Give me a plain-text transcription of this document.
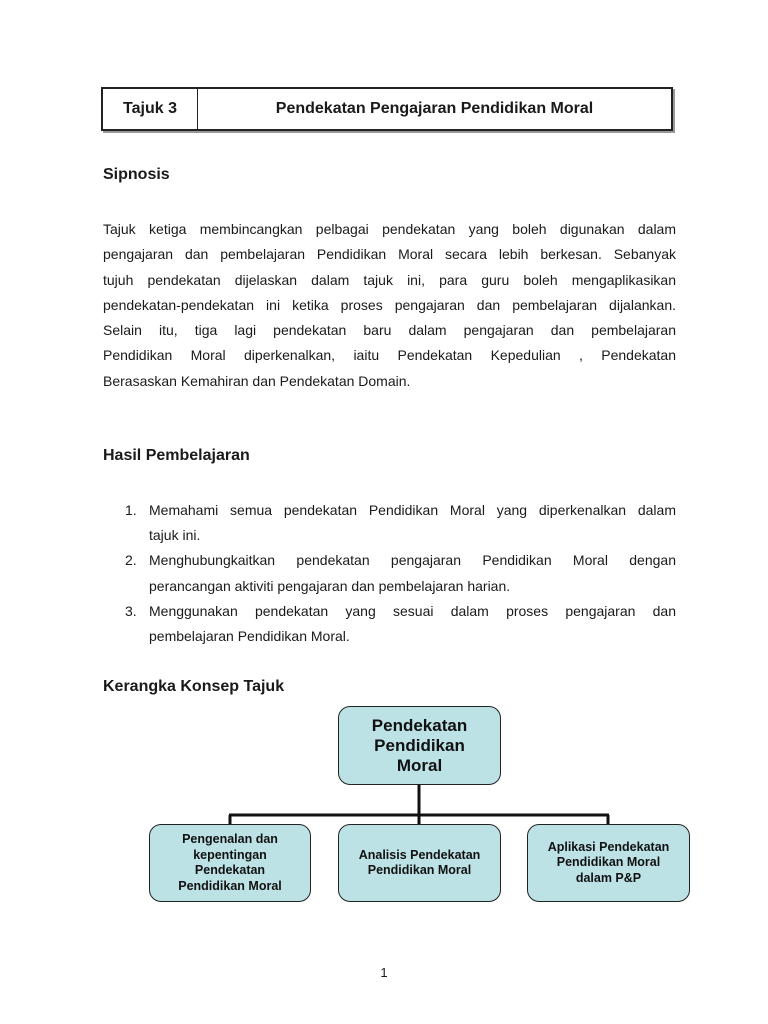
Tajuk 3	Pendekatan Pengajaran Pendidikan Moral
Sipnosis
Tajuk ketiga membincangkan pelbagai pendekatan yang boleh digunakan dalam
pengajaran dan pembelajaran Pendidikan Moral secara lebih berkesan. Sebanyak
tujuh pendekatan dijelaskan dalam tajuk ini, para guru boleh mengaplikasikan
pendekatan-pendekatan ini ketika proses pengajaran dan pembelajaran dijalankan.
Selain itu, tiga lagi pendekatan baru dalam pengajaran dan pembelajaran
Pendidikan Moral diperkenalkan, iaitu Pendekatan Kepedulian , Pendekatan
Berasaskan Kemahiran dan Pendekatan Domain.
Hasil Pembelajaran
1. Memahami semua pendekatan Pendidikan Moral yang diperkenalkan dalam
tajuk ini.
2. Menghubungkaitkan pendekatan pengajaran Pendidikan Moral dengan
perancangan aktiviti pengajaran dan pembelajaran harian.
3. Menggunakan pendekatan yang sesuai dalam proses pengajaran dan
pembelajaran Pendidikan Moral.
Kerangka Konsep Tajuk
Pendekatan
Pendidikan
Moral
Pengenalan dan
kepentingan
Pendekatan
Pendidikan Moral
Analisis Pendekatan
Pendidikan Moral
Aplikasi Pendekatan
Pendidikan Moral
dalam P&P
1
